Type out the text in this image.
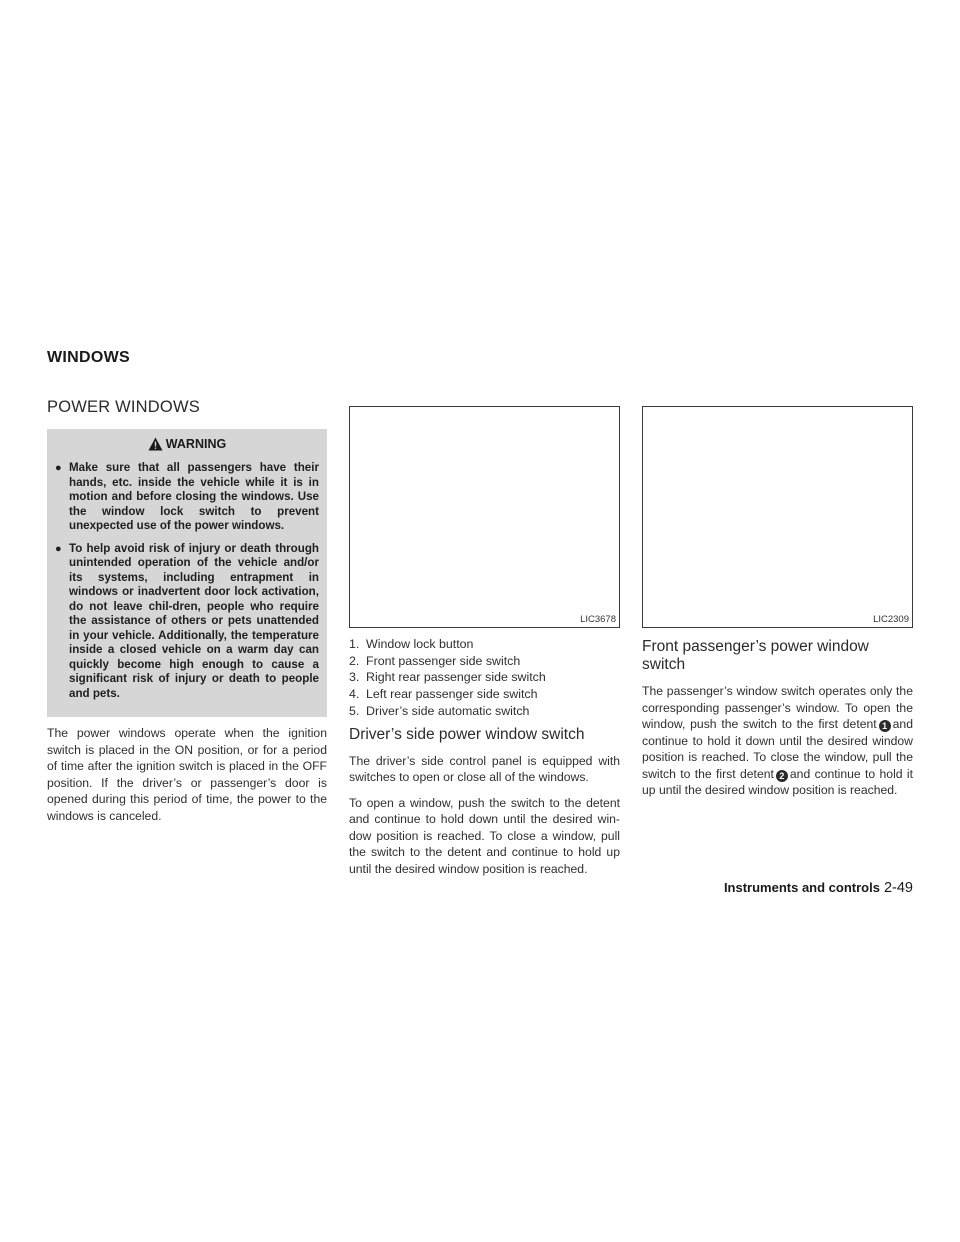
WINDOWS
POWER WINDOWS
WARNING
● Make sure that all passengers have their hands, etc. inside the vehicle while it is in motion and before closing the windows. Use the window lock switch to prevent unexpected use of the power windows.
● To help avoid risk of injury or death through unintended operation of the vehicle and/or its systems, including entrapment in windows or inadvertent door lock activation, do not leave chil-dren, people who require the assistance of others or pets unattended in your vehicle. Additionally, the temperature inside a closed vehicle on a warm day can quickly become high enough to cause a significant risk of injury or death to people and pets.

The power windows operate when the ignition switch is placed in the ON position, or for a period of time after the ignition switch is placed in the OFF position. If the driver’s or passenger’s door is opened during this period of time, the power to the windows is canceled.

LIC3678
1. Window lock button
2. Front passenger side switch
3. Right rear passenger side switch
4. Left rear passenger side switch
5. Driver’s side automatic switch
Driver’s side power window switch

The driver’s side control panel is equipped with switches to open or close all of the windows.

To open a window, push the switch to the detent and continue to hold down until the desired win-dow position is reached. To close a window, pull the switch to the detent and continue to hold up until the desired window position is reached.

LIC2309
Front passenger’s power window switch

The passenger’s window switch operates only the corresponding passenger’s window. To open the window, push the switch to the first detent 1 and continue to hold it down until the desired window position is reached. To close the window, pull the switch to the first detent 2 and continue to hold it up until the desired window position is reached.

Instruments and controls 2-49
